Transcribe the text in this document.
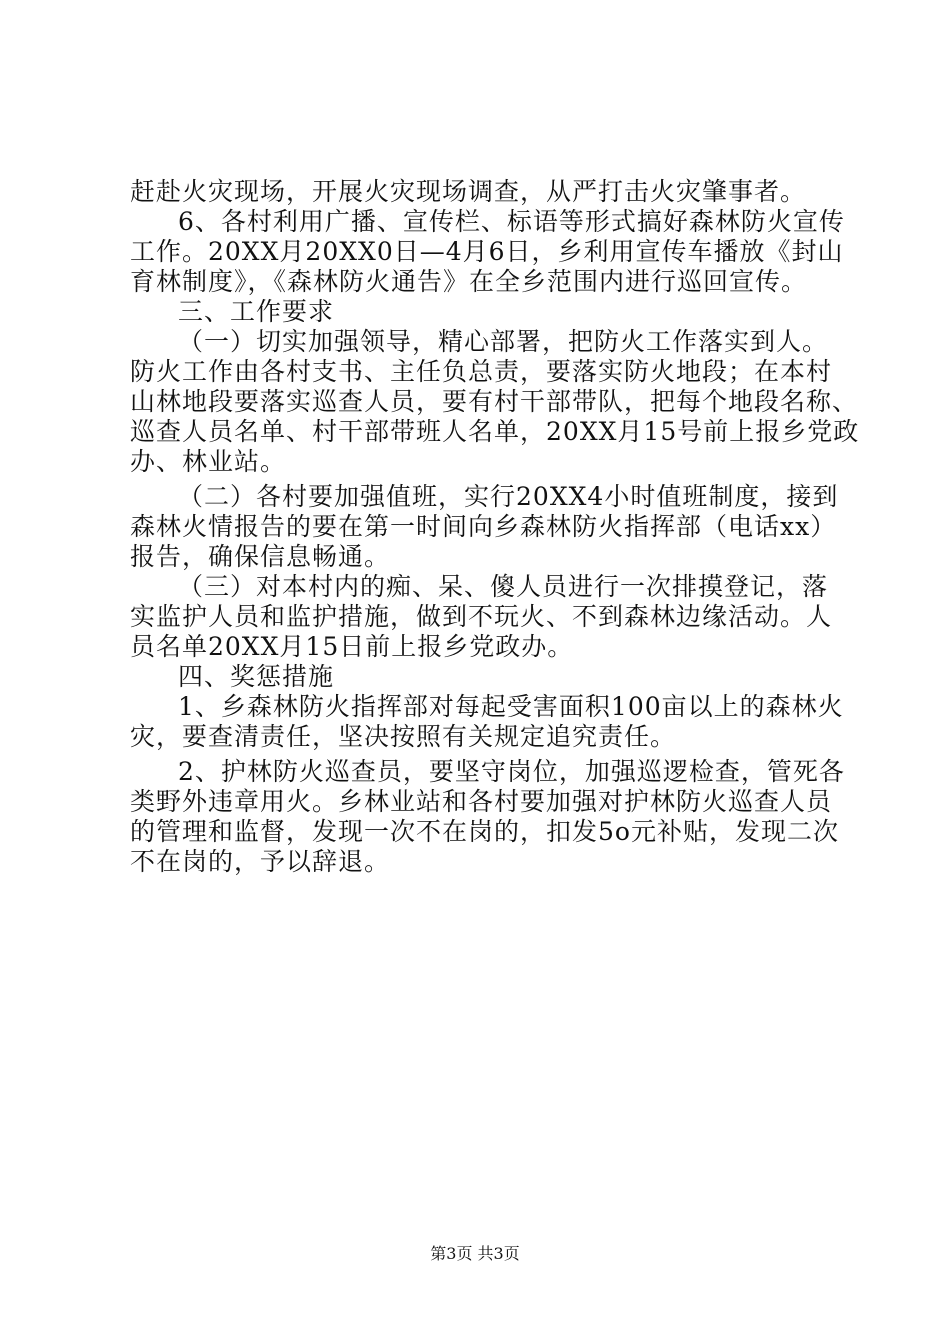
赶赴火灾现场，开展火灾现场调查，从严打击火灾肇事者。
6、各村利用广播、宣传栏、标语等形式搞好森林防火宣传
工作。20XX月20XX0日—4月6日，乡利用宣传车播放《封山
育林制度》，《森林防火通告》在全乡范围内进行巡回宣传。
三、工作要求
（一）切实加强领导，精心部署，把防火工作落实到人。
防火工作由各村支书、主任负总责，要落实防火地段；在本村
山林地段要落实巡查人员，要有村干部带队，把每个地段名称、
巡查人员名单、村干部带班人名单，20XX月15号前上报乡党政
办、林业站。
（二）各村要加强值班，实行20XX4小时值班制度，接到
森林火情报告的要在第一时间向乡森林防火指挥部（电话xx）
报告，确保信息畅通。
（三）对本村内的痴、呆、傻人员进行一次排摸登记，落
实监护人员和监护措施，做到不玩火、不到森林边缘活动。人
员名单20XX月15日前上报乡党政办。
四、奖惩措施
1、乡森林防火指挥部对每起受害面积100亩以上的森林火
灾，要查清责任，坚决按照有关规定追究责任。
2、护林防火巡查员，要坚守岗位，加强巡逻检查，管死各
类野外违章用火。乡林业站和各村要加强对护林防火巡查人员
的管理和监督，发现一次不在岗的，扣发5o元补贴，发现二次
不在岗的，予以辞退。
第3页 共3页
